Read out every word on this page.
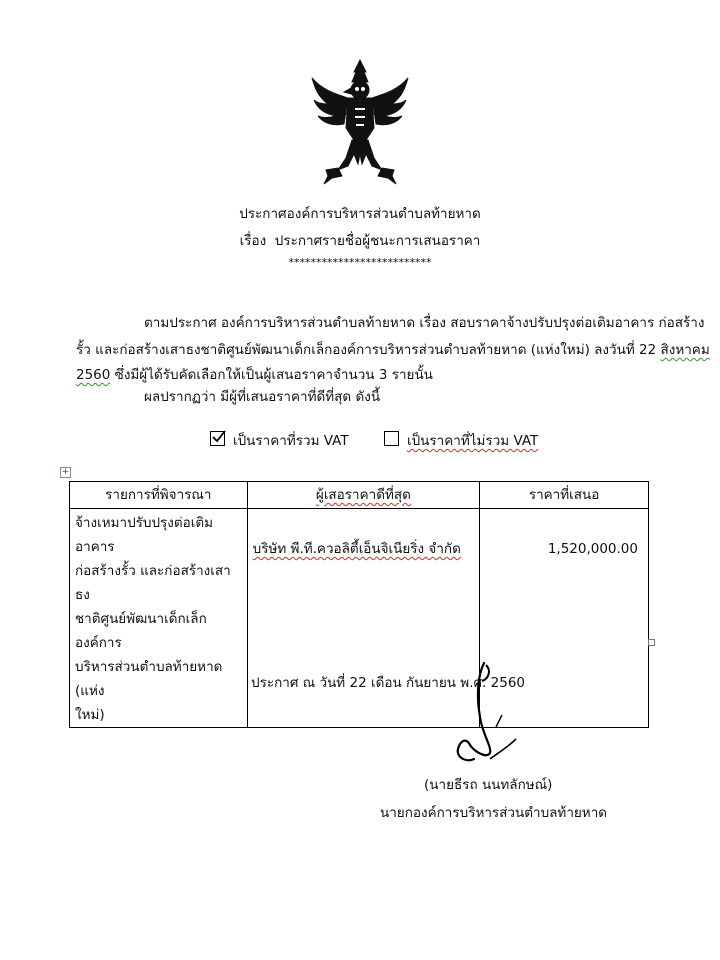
ประกาศองค์การบริหารส่วนตำบลท้ายหาด
เรื่อง ประกาศรายชื่อผู้ชนะการเสนอราคา
**************************
ตามประกาศ องค์การบริหารส่วนตำบลท้ายหาด เรื่อง สอบราคาจ้างปรับปรุงต่อเติมอาคาร ก่อสร้าง
รั้ว และก่อสร้างเสาธงชาติศูนย์พัฒนาเด็กเล็กองค์การบริหารส่วนตำบลท้ายหาด (แห่งใหม่) ลงวันที่ 22 สิงหาคม
2560 ซึ่งมีผู้ได้รับคัดเลือกให้เป็นผู้เสนอราคาจำนวน 3 รายนั้น
ผลปรากฏว่า มีผู้ที่เสนอราคาที่ดีที่สุด ดังนี้
เป็นราคาที่รวม VAT	เป็นราคาที่ไม่รวม VAT
+
รายการที่พิจารณา	ผู้เสอราคาดีที่สุด	ราคาที่เสนอ

จ้างเหมาปรับปรุงต่อเติมอาคาร
ก่อสร้างรั้ว และก่อสร้างเสาธง
ชาติศูนย์พัฒนาเด็กเล็กองค์การ
บริหารส่วนตำบลท้ายหาด (แห่ง
ใหม่)	บริษัท พี.ที.ควอลิตี้เอ็นจิเนียริ่ง จำกัด	1,520,000.00
ประกาศ ณ วันที่ 22 เดือน กันยายน พ.ศ. 2560
(นายธีรถ นนทลักษณ์)
นายกองค์การบริหารส่วนตำบลท้ายหาด
